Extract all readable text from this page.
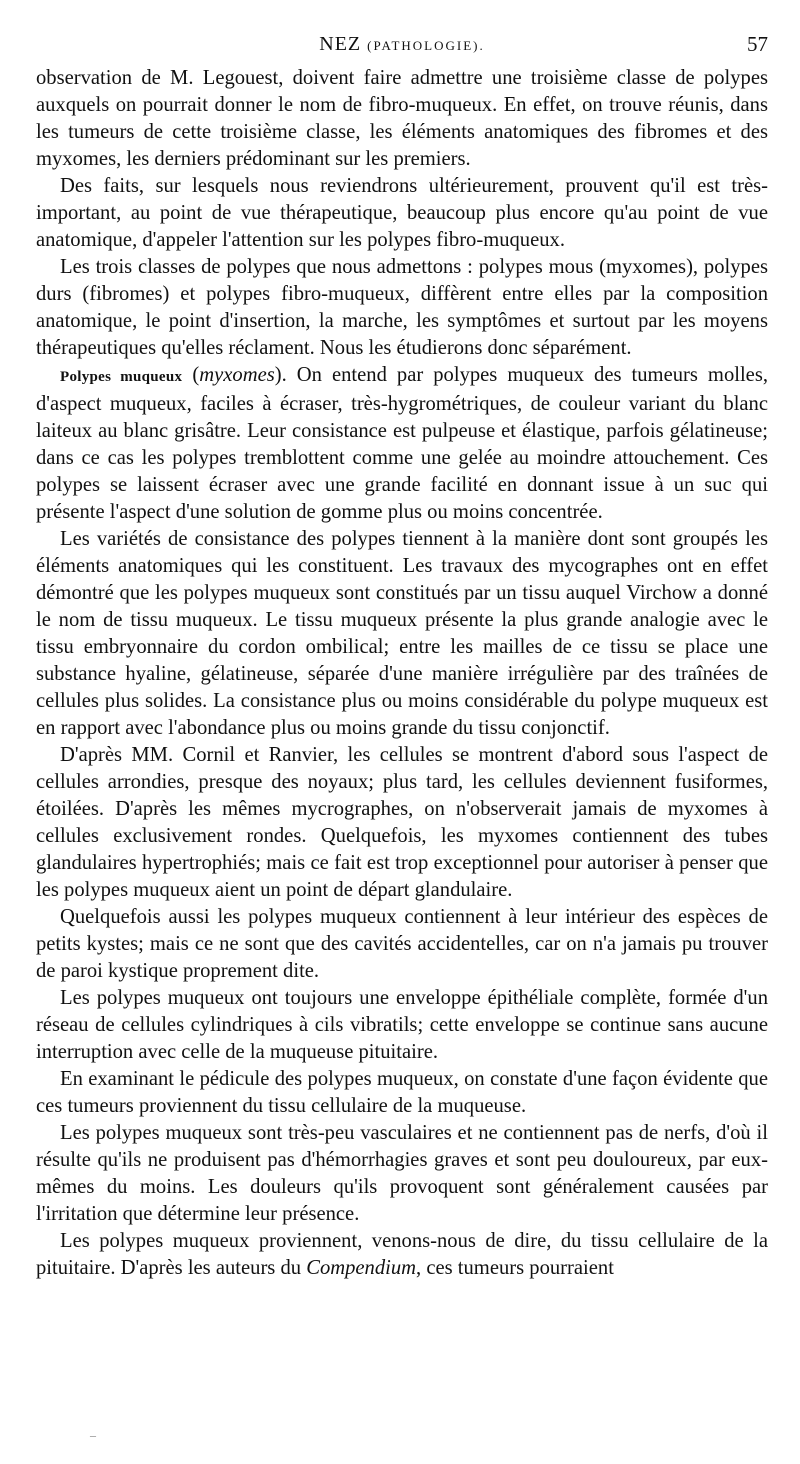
NEZ (PATHOLOGIE).	57

observation de M. Legouest, doivent faire admettre une troisième classe de polypes auxquels on pourrait donner le nom de fibro-muqueux. En effet, on trouve réunis, dans les tumeurs de cette troisième classe, les éléments anatomiques des fibromes et des myxomes, les derniers prédominant sur les premiers.

Des faits, sur lesquels nous reviendrons ultérieurement, prouvent qu'il est très-important, au point de vue thérapeutique, beaucoup plus encore qu'au point de vue anatomique, d'appeler l'attention sur les polypes fibro-muqueux.

Les trois classes de polypes que nous admettons : polypes mous (myxomes), polypes durs (fibromes) et polypes fibro-muqueux, diffèrent entre elles par la composition anatomique, le point d'insertion, la marche, les symptômes et surtout par les moyens thérapeutiques qu'elles réclament. Nous les étudierons donc séparément.

Polypes muqueux (myxomes). On entend par polypes muqueux des tumeurs molles, d'aspect muqueux, faciles à écraser, très-hygrométriques, de couleur variant du blanc laiteux au blanc grisâtre. Leur consistance est pulpeuse et élastique, parfois gélatineuse; dans ce cas les polypes tremblottent comme une gelée au moindre attouchement. Ces polypes se laissent écraser avec une grande facilité en donnant issue à un suc qui présente l'aspect d'une solution de gomme plus ou moins concentrée.

Les variétés de consistance des polypes tiennent à la manière dont sont groupés les éléments anatomiques qui les constituent. Les travaux des mycographes ont en effet démontré que les polypes muqueux sont constitués par un tissu auquel Virchow a donné le nom de tissu muqueux. Le tissu muqueux présente la plus grande analogie avec le tissu embryonnaire du cordon ombilical; entre les mailles de ce tissu se place une substance hyaline, gélatineuse, séparée d'une manière irrégulière par des traînées de cellules plus solides. La consistance plus ou moins considérable du polype muqueux est en rapport avec l'abondance plus ou moins grande du tissu conjonctif.

D'après MM. Cornil et Ranvier, les cellules se montrent d'abord sous l'aspect de cellules arrondies, presque des noyaux; plus tard, les cellules deviennent fusiformes, étoilées. D'après les mêmes mycrographes, on n'observerait jamais de myxomes à cellules exclusivement rondes. Quelquefois, les myxomes contiennent des tubes glandulaires hypertrophiés; mais ce fait est trop exceptionnel pour autoriser à penser que les polypes muqueux aient un point de départ glandulaire.

Quelquefois aussi les polypes muqueux contiennent à leur intérieur des espèces de petits kystes; mais ce ne sont que des cavités accidentelles, car on n'a jamais pu trouver de paroi kystique proprement dite.

Les polypes muqueux ont toujours une enveloppe épithéliale complète, formée d'un réseau de cellules cylindriques à cils vibratils; cette enveloppe se continue sans aucune interruption avec celle de la muqueuse pituitaire.

En examinant le pédicule des polypes muqueux, on constate d'une façon évidente que ces tumeurs proviennent du tissu cellulaire de la muqueuse.

Les polypes muqueux sont très-peu vasculaires et ne contiennent pas de nerfs, d'où il résulte qu'ils ne produisent pas d'hémorrhagies graves et sont peu douloureux, par eux-mêmes du moins. Les douleurs qu'ils provoquent sont généralement causées par l'irritation que détermine leur présence.

Les polypes muqueux proviennent, venons-nous de dire, du tissu cellulaire de la pituitaire. D'après les auteurs du Compendium, ces tumeurs pourraient

–
